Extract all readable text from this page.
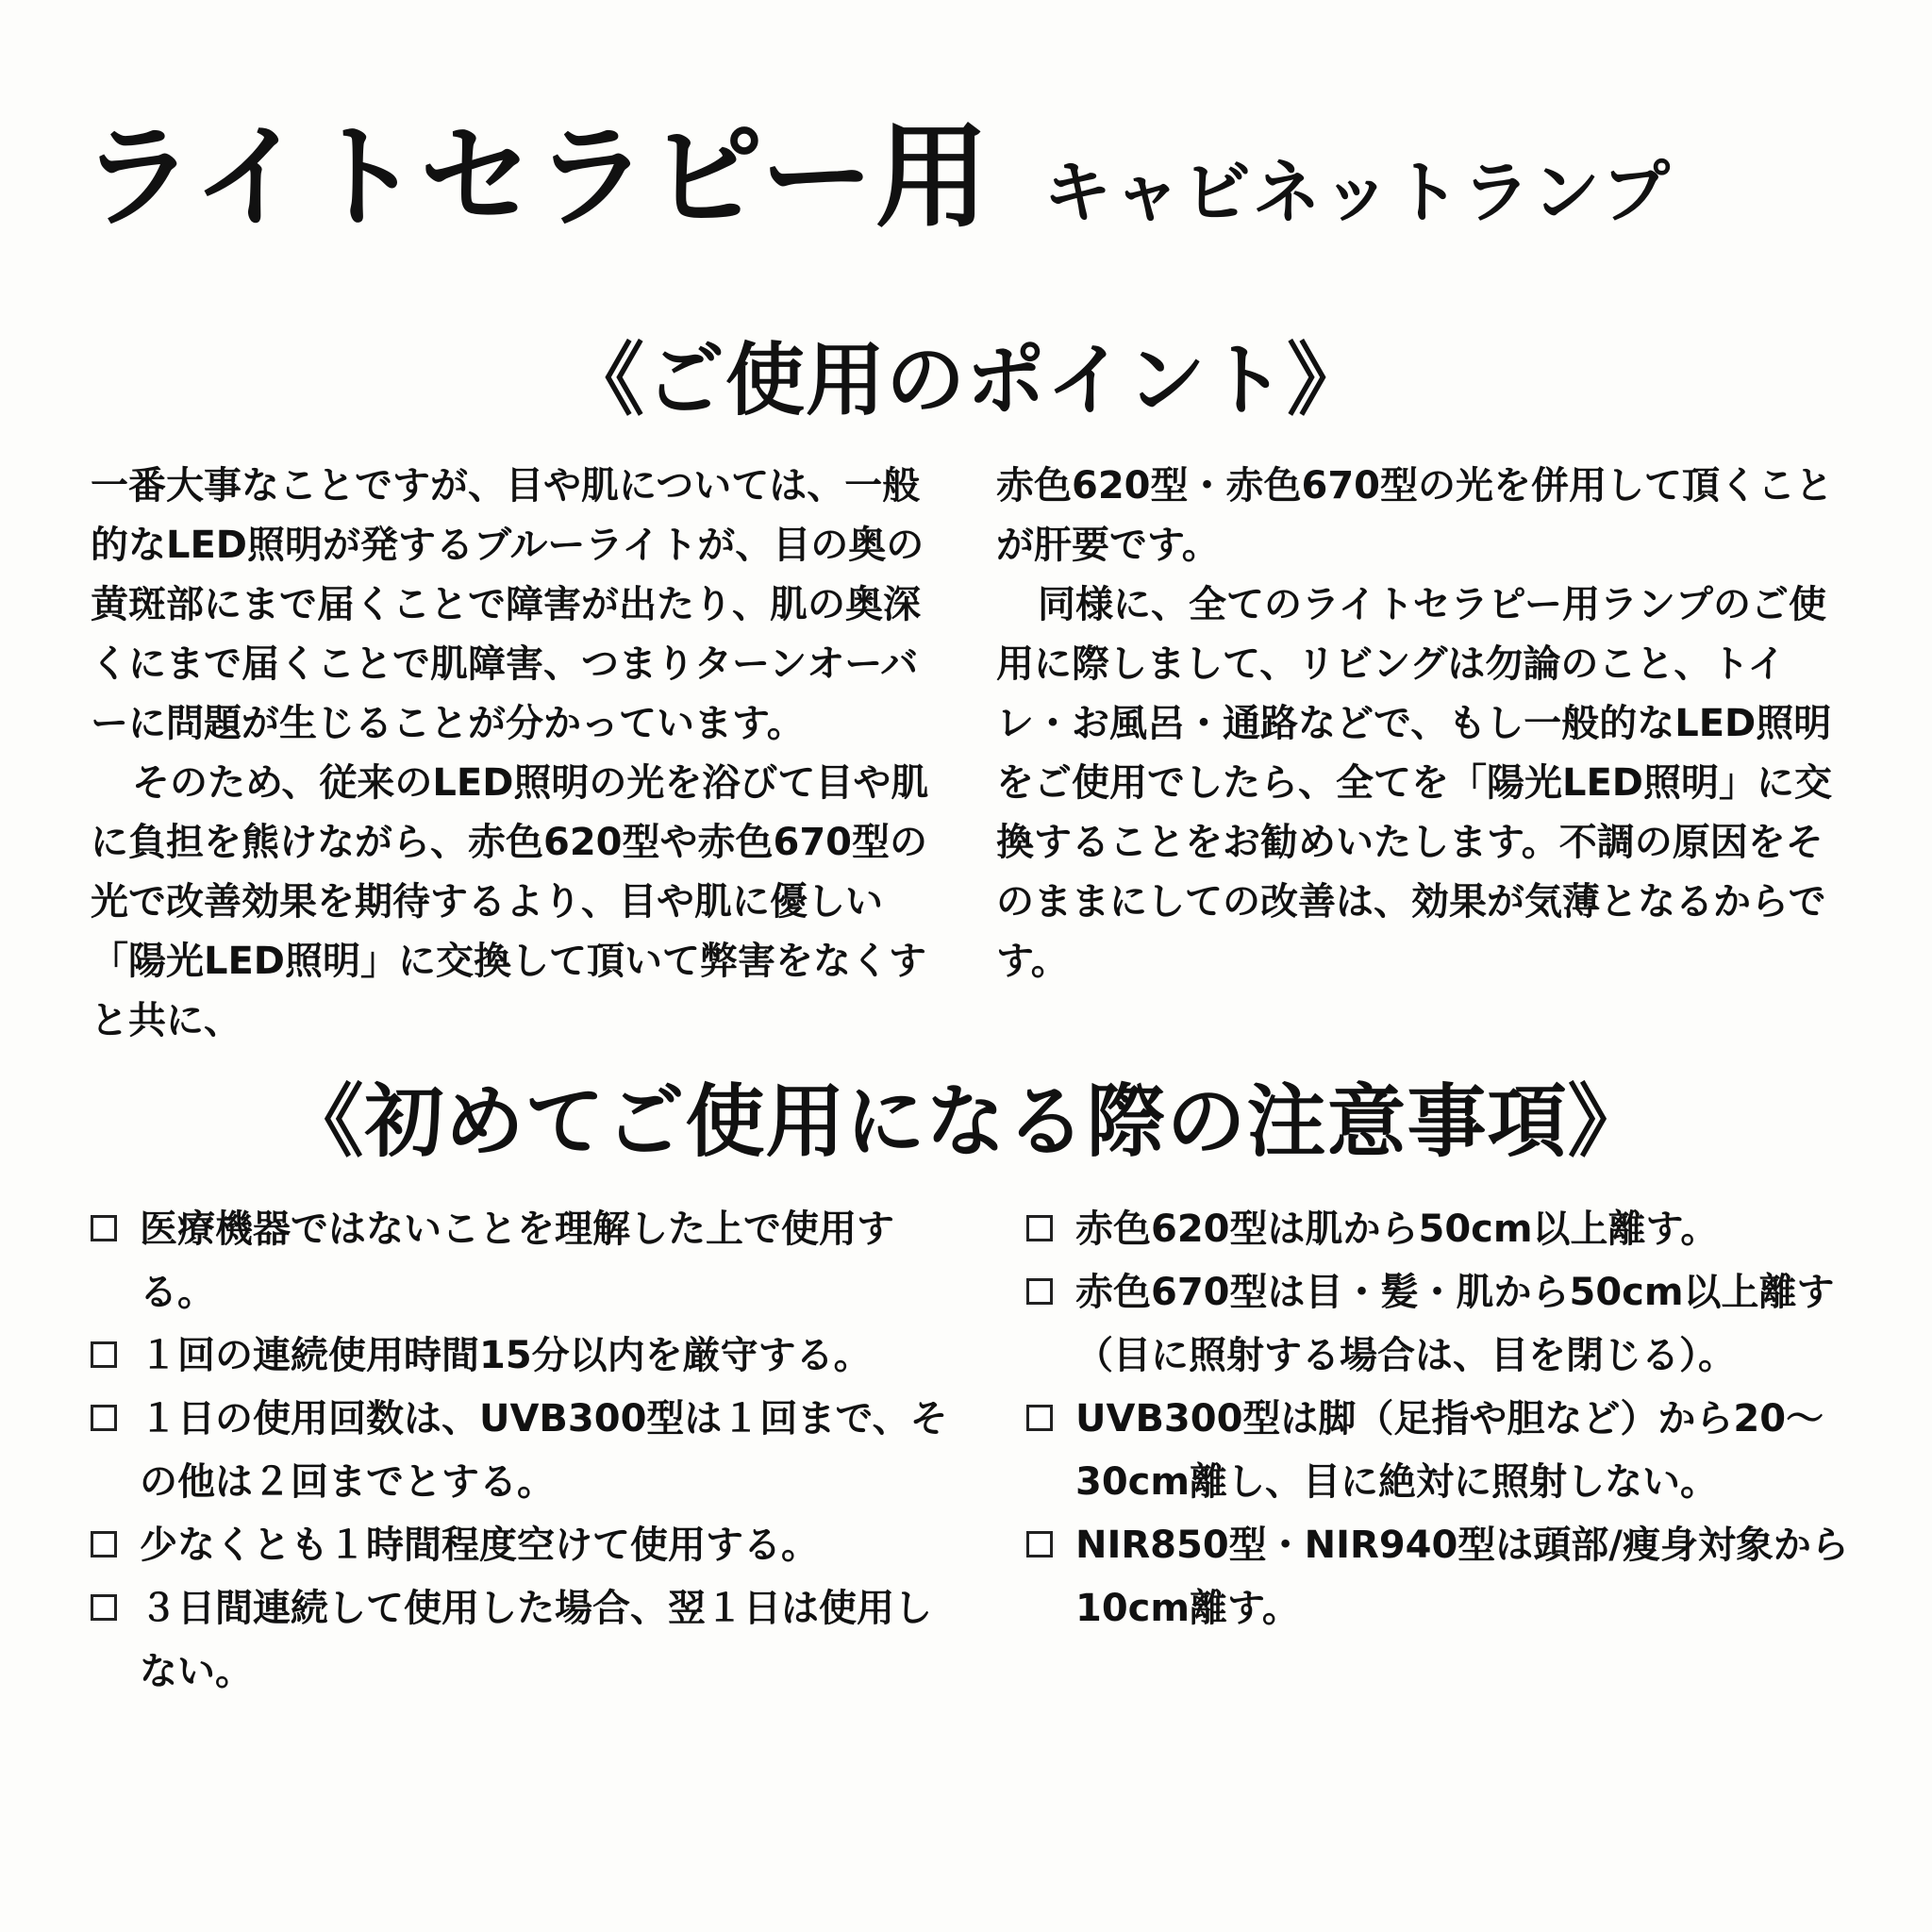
ライトセラピー用 キャビネットランプ
《ご使用のポイント》

一番大事なことですが、目や肌については、一般的なLED照明が発するブルーライトが、目の奥の黄斑部にまで届くことで障害が出たり、肌の奥深くにまで届くことで肌障害、つまりターンオーバーに問題が生じることが分かっています。

そのため、従来のLED照明の光を浴びて目や肌に負担を熊けながら、赤色620型や赤色670型の光で改善効果を期待するより、目や肌に優しい「陽光LED照明」に交換して頂いて弊害をなくすと共に、

赤色620型・赤色670型の光を併用して頂くことが肝要です。

同様に、全てのライトセラピー用ランプのご使用に際しまして、リビングは勿論のこと、トイレ・お風呂・通路などで、もし一般的なLED照明をご使用でしたら、全てを「陽光LED照明」に交換することをお勧めいたします。不調の原因をそのままにしての改善は、効果が気薄となるからです。

《初めてご使用になる際の注意事項》
医療機器ではないことを理解した上で使用する。
１回の連続使用時間15分以内を厳守する。
１日の使用回数は、UVB300型は１回まで、その他は２回までとする。
少なくとも１時間程度空けて使用する。
３日間連続して使用した場合、翌１日は使用しない。
赤色620型は肌から50cm以上離す。
赤色670型は目・髪・肌から50cm以上離す（目に照射する場合は、目を閉じる）。
UVB300型は脚（足指や胆など）から20〜30cm離し、目に絶対に照射しない。
NIR850型・NIR940型は頭部/痩身対象から10cm離す。
